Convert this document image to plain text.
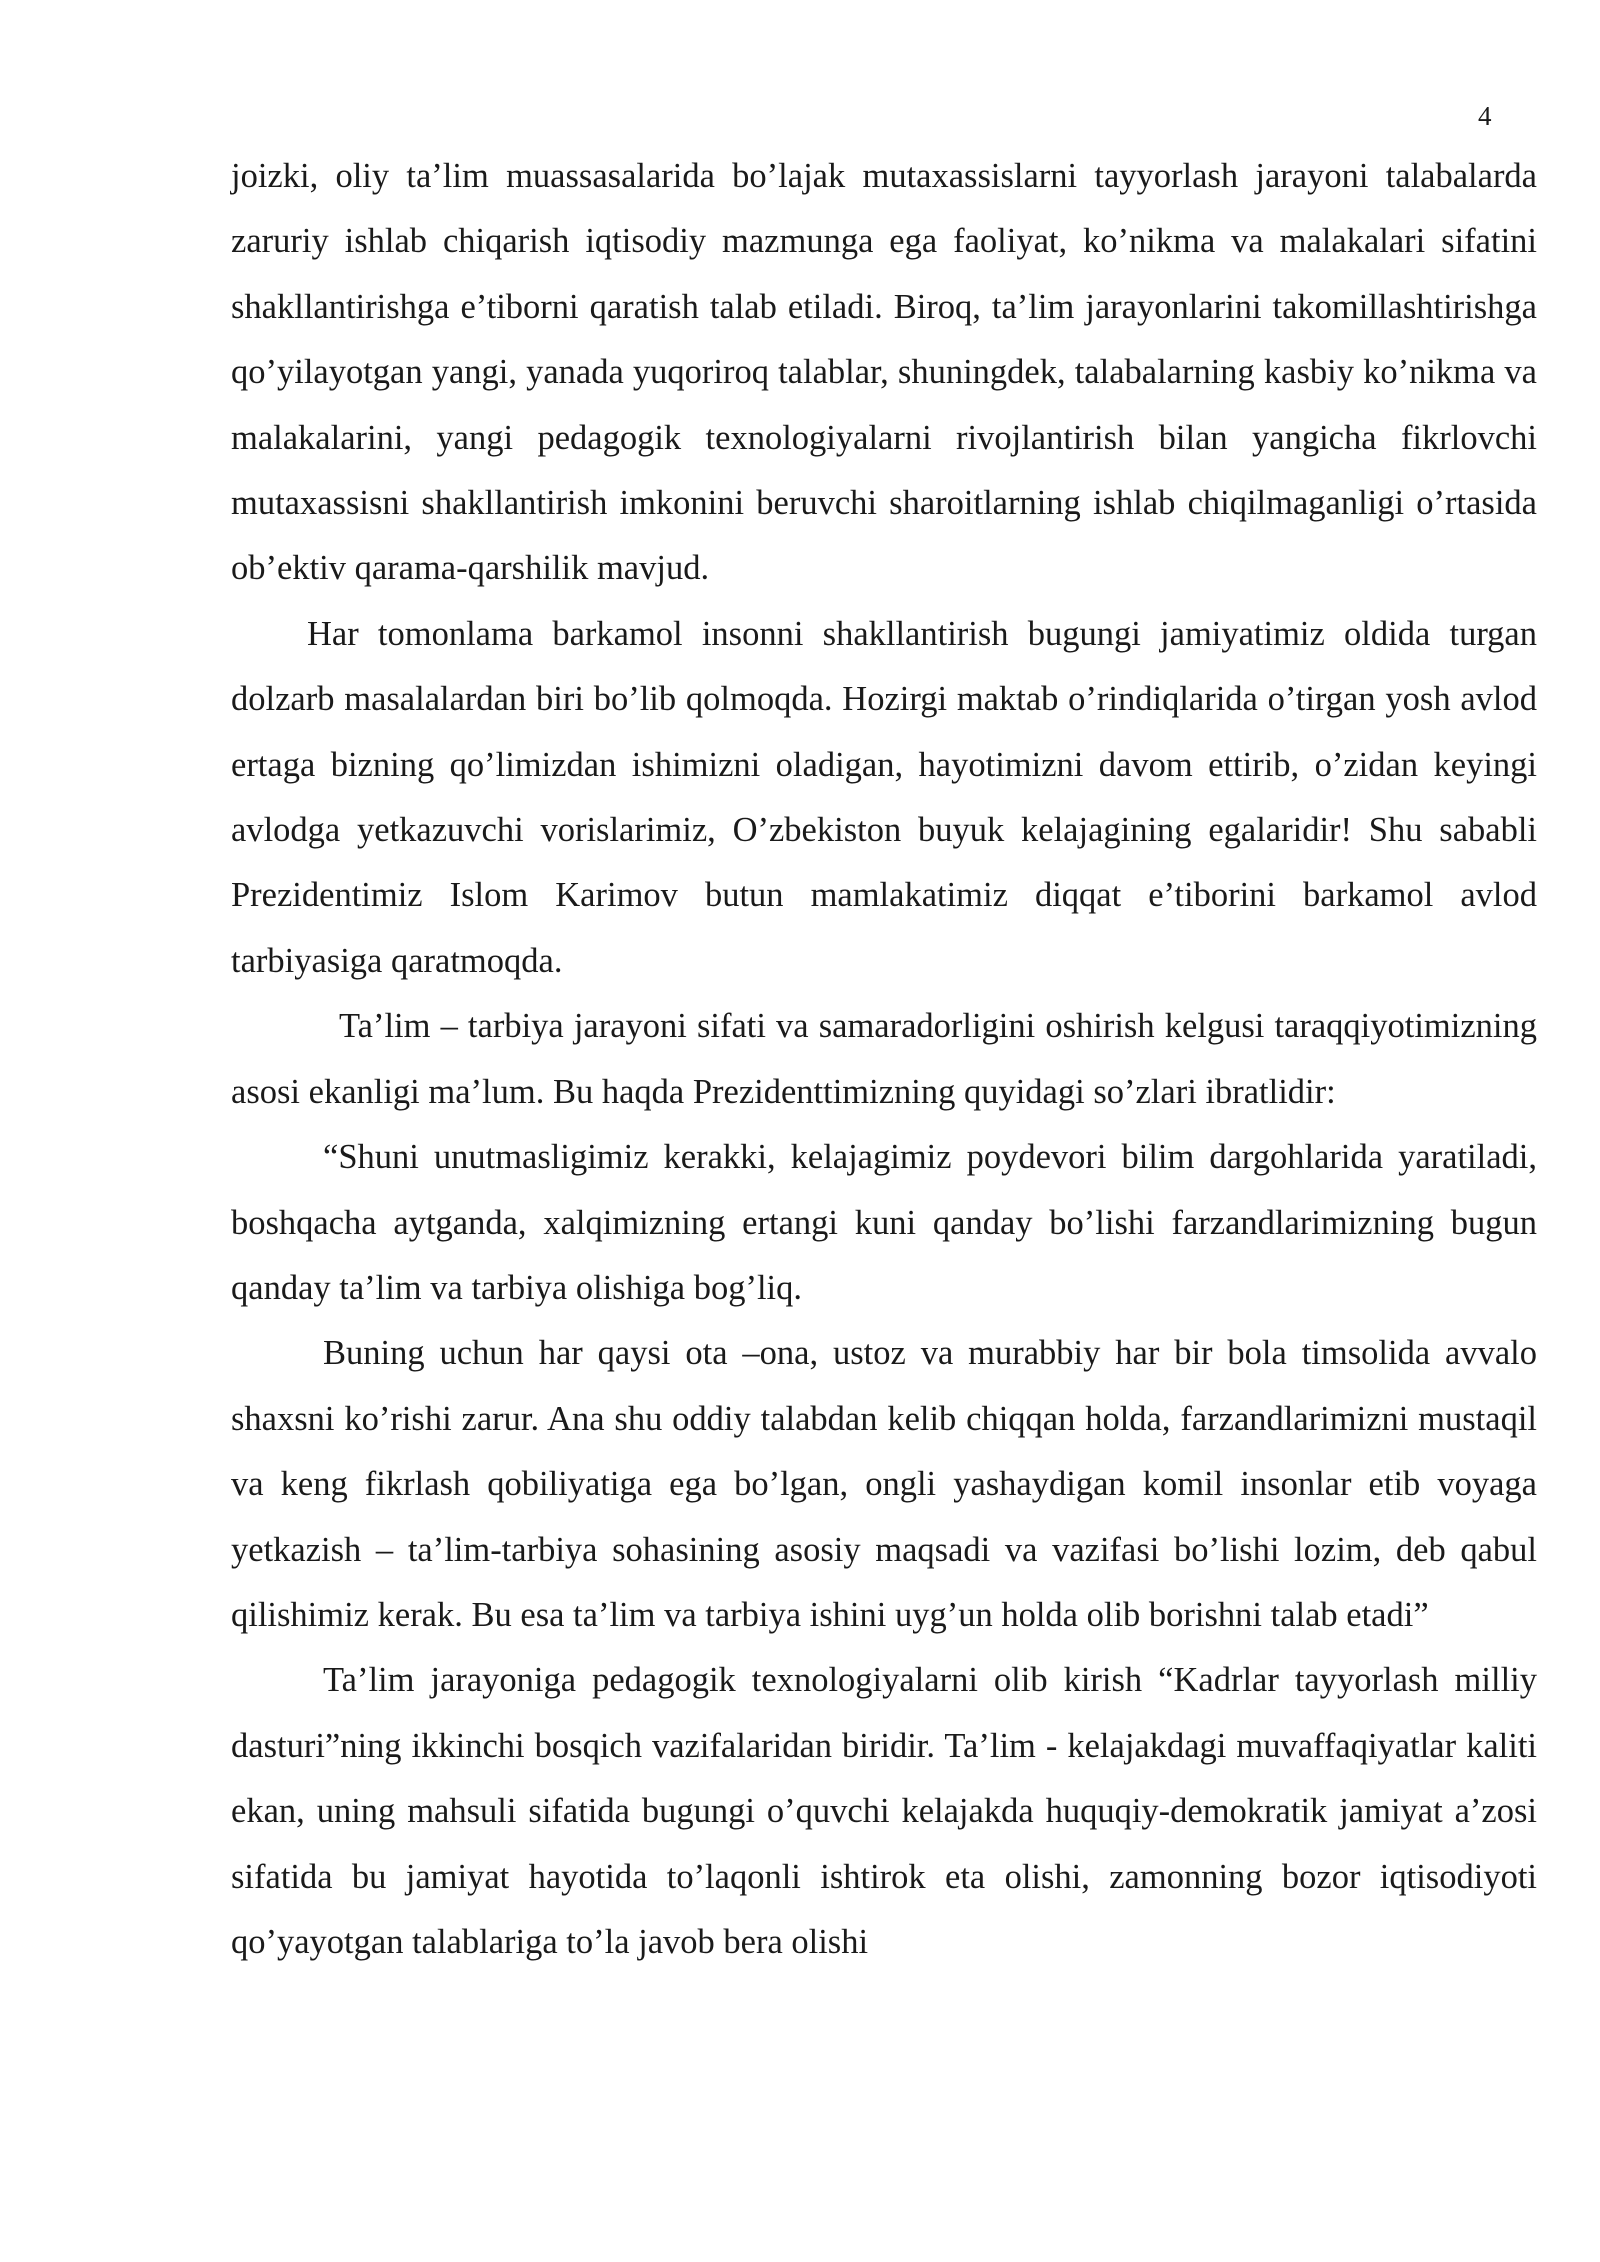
4

joizki, oliy ta’lim muassasalarida bo’lajak mutaxassislarni tayyorlash jarayoni talabalarda zaruriy ishlab chiqarish iqtisodiy mazmunga ega faoliyat, ko’nikma va malakalari sifatini shakllantirishga e’tiborni qaratish talab etiladi. Biroq, ta’lim jarayonlarini takomillashtirishga qo’yilayotgan yangi, yanada yuqoriroq talablar, shuningdek, talabalarning kasbiy ko’nikma va malakalarini, yangi pedagogik texnologiyalarni rivojlantirish bilan yangicha fikrlovchi mutaxassisni shakllantirish imkonini beruvchi sharoitlarning ishlab chiqilmaganligi o’rtasida ob’ektiv qarama-qarshilik mavjud.

Har tomonlama barkamol insonni shakllantirish bugungi jamiyatimiz oldida turgan dolzarb masalalardan biri bo’lib qolmoqda. Hozirgi maktab o’rindiqlarida o’tirgan yosh avlod ertaga bizning qo’limizdan ishimizni oladigan, hayotimizni davom ettirib, o’zidan keyingi avlodga yetkazuvchi vorislarimiz, O’zbekiston buyuk kelajagining egalaridir! Shu sababli Prezidentimiz Islom Karimov butun mamlakatimiz diqqat e’tiborini barkamol avlod tarbiyasiga qaratmoqda.

Ta’lim – tarbiya jarayoni sifati va samaradorligini oshirish kelgusi taraqqiyotimizning asosi ekanligi ma’lum. Bu haqda Prezidenttimizning quyidagi so’zlari ibratlidir:

“Shuni unutmasligimiz kerakki, kelajagimiz poydevori bilim dargohlarida yaratiladi, boshqacha aytganda, xalqimizning ertangi kuni qanday bo’lishi farzandlarimizning bugun qanday ta’lim va tarbiya olishiga bog’liq.

Buning uchun har qaysi ota –ona, ustoz va murabbiy har bir bola timsolida avvalo shaxsni ko’rishi zarur. Ana shu oddiy talabdan kelib chiqqan holda, farzandlarimizni mustaqil va keng fikrlash qobiliyatiga ega bo’lgan, ongli yashaydigan komil insonlar etib voyaga yetkazish – ta’lim-tarbiya sohasining asosiy maqsadi va vazifasi bo’lishi lozim, deb qabul qilishimiz kerak. Bu esa ta’lim va tarbiya ishini uyg’un holda olib borishni talab etadi”

Ta’lim jarayoniga pedagogik texnologiyalarni olib kirish “Kadrlar tayyorlash milliy dasturi”ning ikkinchi bosqich vazifalaridan biridir. Ta’lim - kelajakdagi muvaffaqiyatlar kaliti ekan, uning mahsuli sifatida bugungi o’quvchi kelajakda huquqiy-demokratik jamiyat a’zosi sifatida bu jamiyat hayotida to’laqonli ishtirok eta olishi, zamonning bozor iqtisodiyoti qo’yayotgan talablariga to’la javob bera olishi
